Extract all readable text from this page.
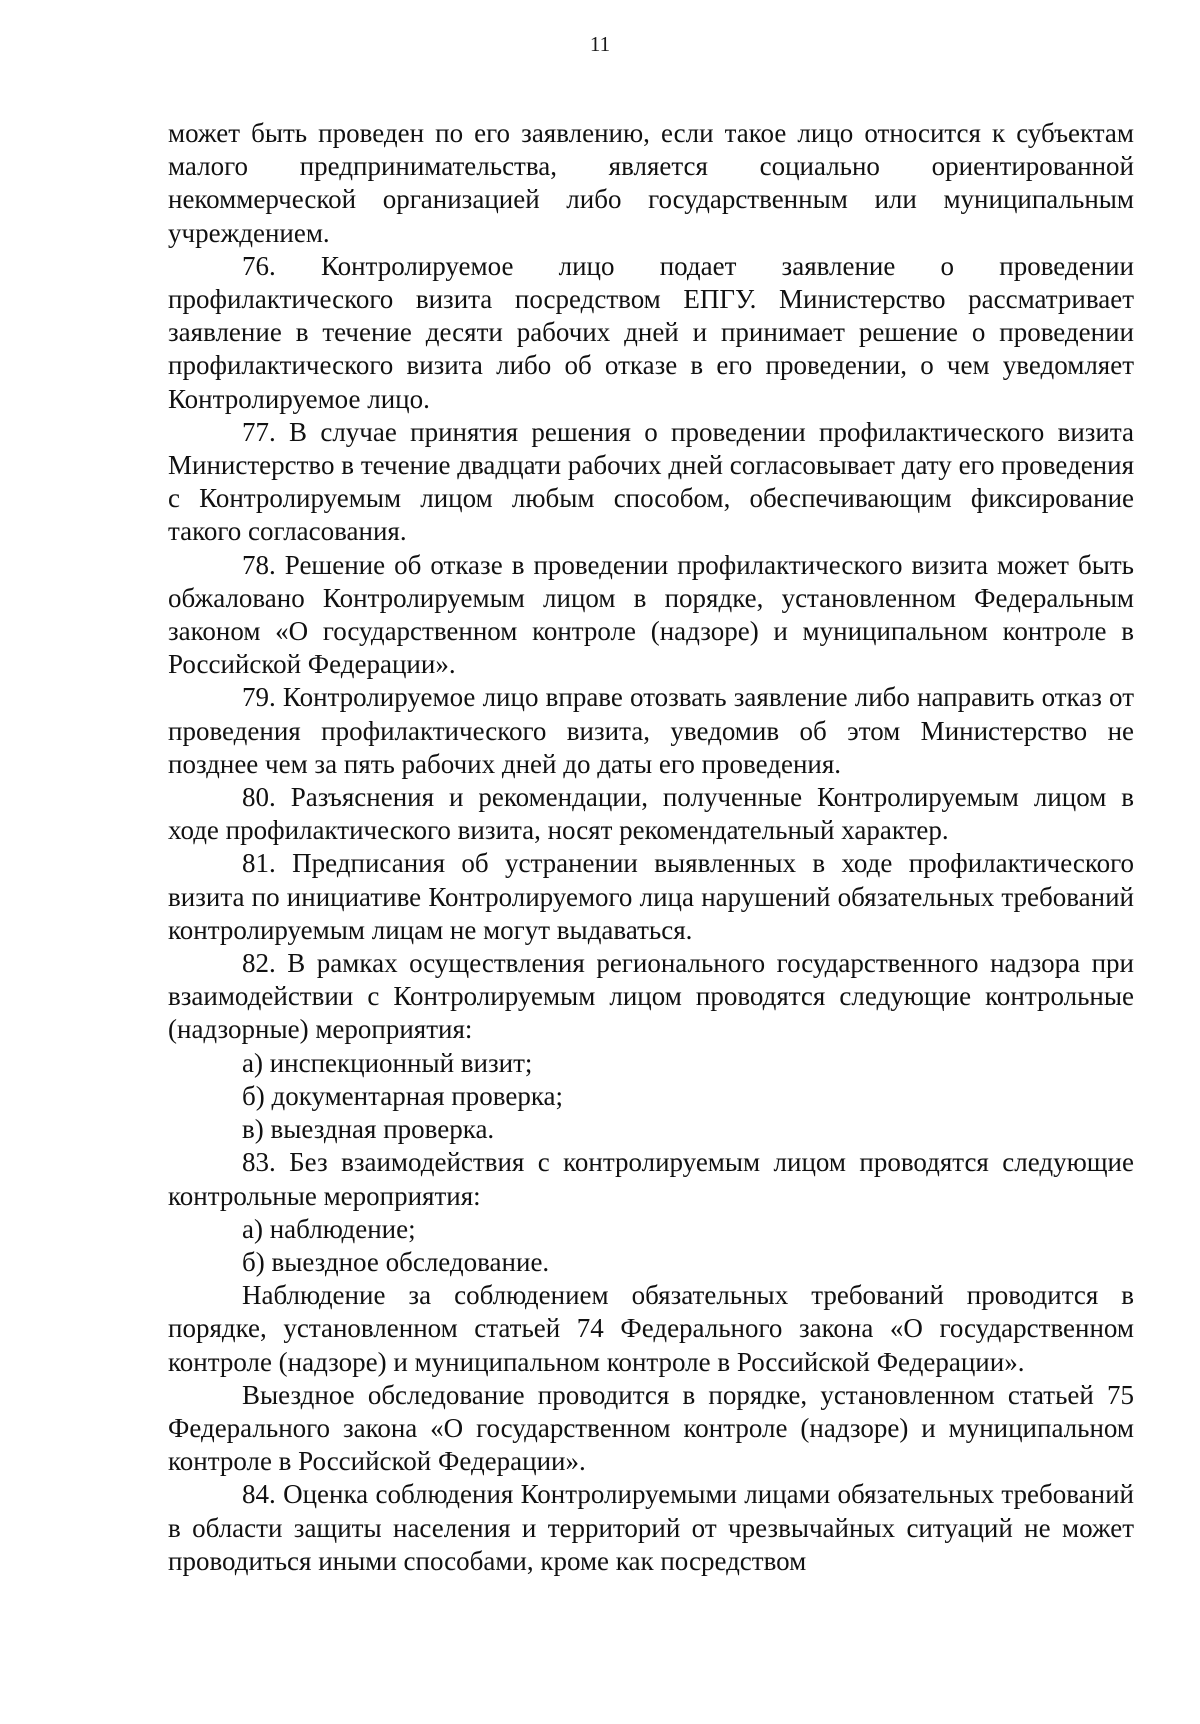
11

может быть проведен по его заявлению, если такое лицо относится к субъектам малого предпринимательства, является социально ориентированной некоммерческой организацией либо государственным или муниципальным учреждением.

76. Контролируемое лицо подает заявление о проведении профилактического визита посредством ЕПГУ. Министерство рассматривает заявление в течение десяти рабочих дней и принимает решение о проведении профилактического визита либо об отказе в его проведении, о чем уведомляет Контролируемое лицо.

77. В случае принятия решения о проведении профилактического визита Министерство в течение двадцати рабочих дней согласовывает дату его проведения с Контролируемым лицом любым способом, обеспечивающим фиксирование такого согласования.

78. Решение об отказе в проведении профилактического визита может быть обжаловано Контролируемым лицом в порядке, установленном Федеральным законом «О государственном контроле (надзоре) и муниципальном контроле в Российской Федерации».

79. Контролируемое лицо вправе отозвать заявление либо направить отказ от проведения профилактического визита, уведомив об этом Министерство не позднее чем за пять рабочих дней до даты его проведения.

80. Разъяснения и рекомендации, полученные Контролируемым лицом в ходе профилактического визита, носят рекомендательный характер.

81. Предписания об устранении выявленных в ходе профилактического визита по инициативе Контролируемого лица нарушений обязательных требований контролируемым лицам не могут выдаваться.

82. В рамках осуществления регионального государственного надзора при взаимодействии с Контролируемым лицом проводятся следующие контрольные (надзорные) мероприятия:

а) инспекционный визит;

б) документарная проверка;

в) выездная проверка.

83. Без взаимодействия с контролируемым лицом проводятся следующие контрольные мероприятия:

а) наблюдение;

б) выездное обследование.

Наблюдение за соблюдением обязательных требований проводится в порядке, установленном статьей 74 Федерального закона «О государственном контроле (надзоре) и муниципальном контроле в Российской Федерации».

Выездное обследование проводится в порядке, установленном статьей 75 Федерального закона «О государственном контроле (надзоре) и муниципальном контроле в Российской Федерации».

84. Оценка соблюдения Контролируемыми лицами обязательных требований в области защиты населения и территорий от чрезвычайных ситуаций не может проводиться иными способами, кроме как посредством
